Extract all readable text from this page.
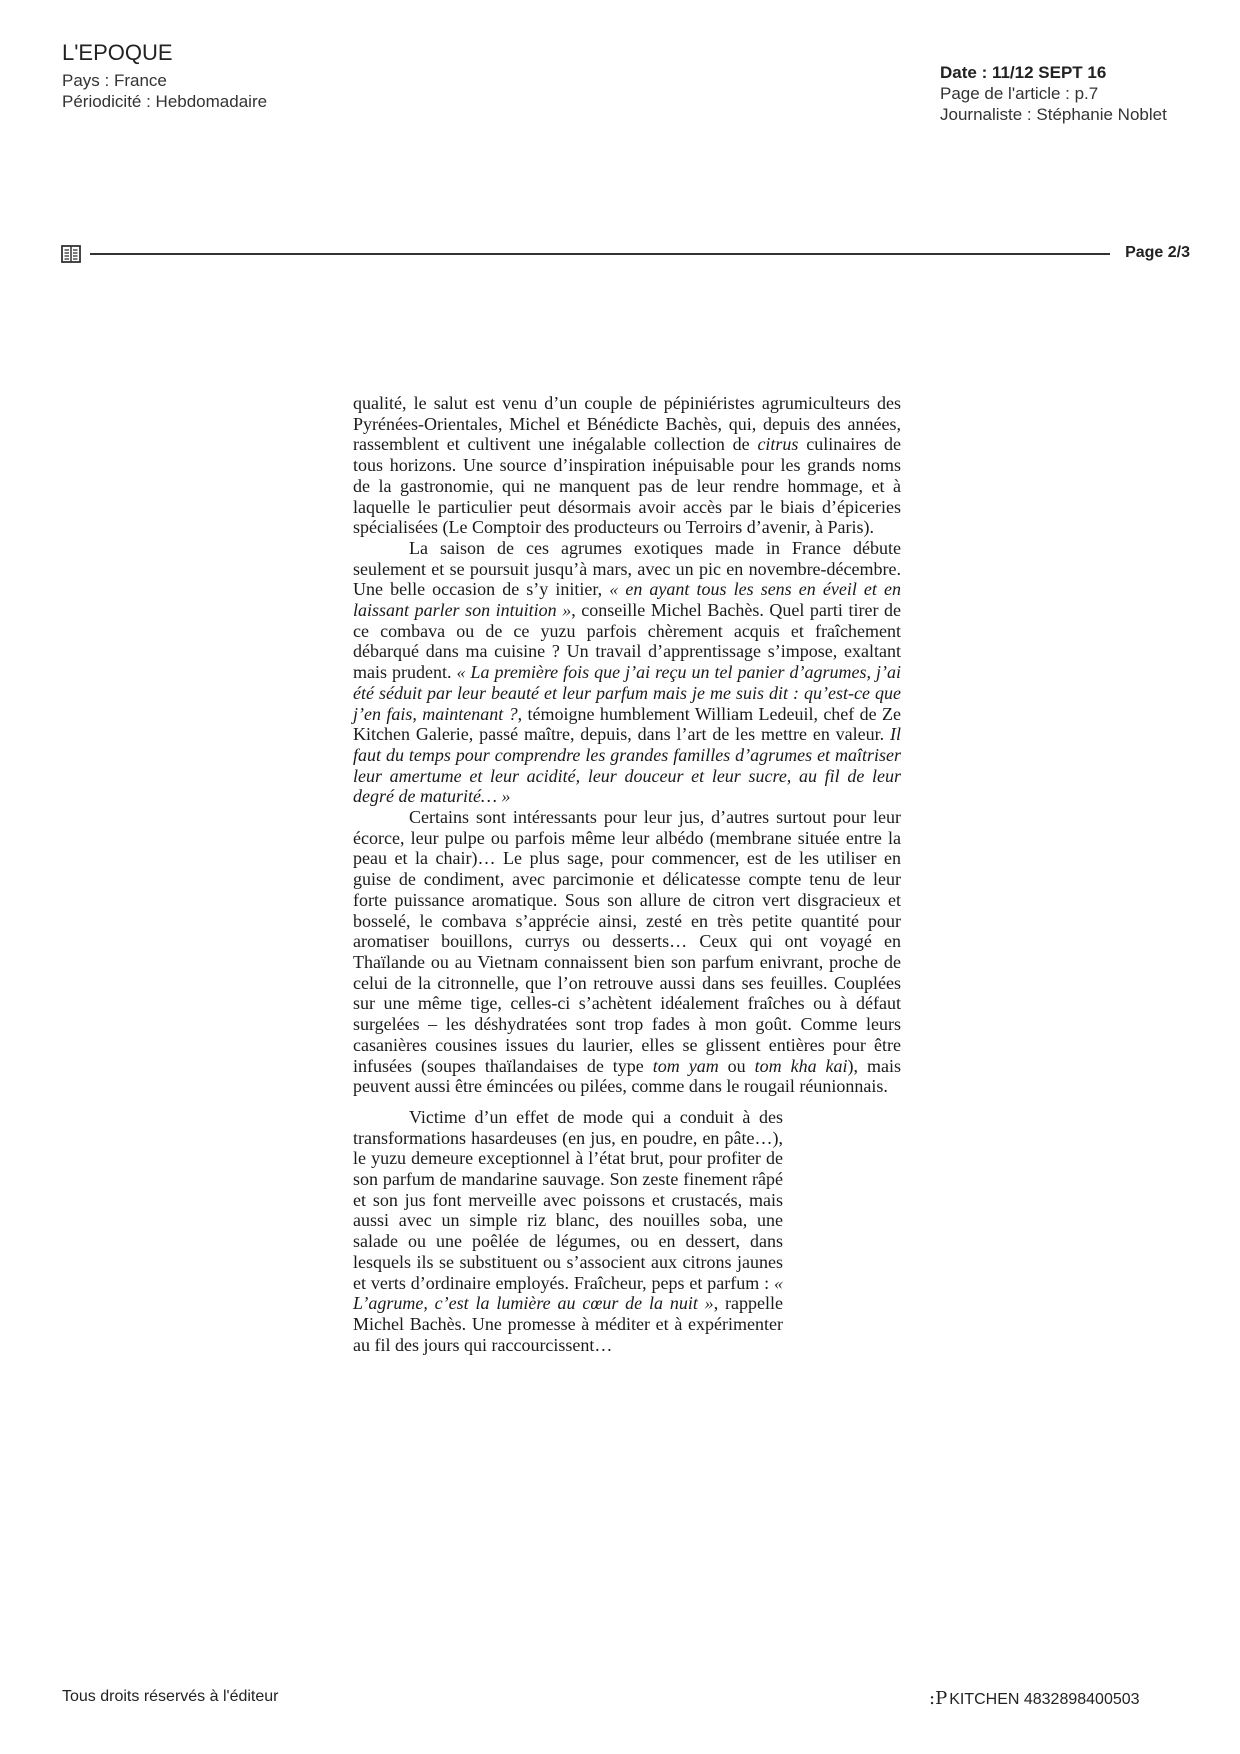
L'EPOQUE
Pays : France
Périodicité : Hebdomadaire
Date : 11/12 SEPT 16
Page de l'article : p.7
Journaliste : Stéphanie Noblet
Page 2/3

qualité, le salut est venu d’un couple de pépiniéristes agrumiculteurs des Pyrénées-Orientales, Michel et Bénédicte Bachès, qui, depuis des années, rassemblent et cultivent une inégalable collection de citrus culinaires de tous horizons. Une source d’inspiration inépuisable pour les grands noms de la gastronomie, qui ne manquent pas de leur rendre hommage, et à laquelle le particulier peut désormais avoir accès par le biais d’épiceries spécialisées (Le Comptoir des producteurs ou Terroirs d’avenir, à Paris).

La saison de ces agrumes exotiques made in France débute seulement et se poursuit jusqu’à mars, avec un pic en novembre-décembre. Une belle occasion de s’y initier, « en ayant tous les sens en éveil et en laissant parler son intuition », conseille Michel Bachès. Quel parti tirer de ce combava ou de ce yuzu parfois chèrement acquis et fraîchement débarqué dans ma cuisine ? Un travail d’apprentissage s’impose, exaltant mais prudent. « La première fois que j’ai reçu un tel panier d’agrumes, j’ai été séduit par leur beauté et leur parfum mais je me suis dit : qu’est-ce que j’en fais, maintenant ?, témoigne humblement William Ledeuil, chef de Ze Kitchen Galerie, passé maître, depuis, dans l’art de les mettre en valeur. Il faut du temps pour comprendre les grandes familles d’agrumes et maîtriser leur amertume et leur acidité, leur douceur et leur sucre, au fil de leur degré de maturité… »

Certains sont intéressants pour leur jus, d’autres surtout pour leur écorce, leur pulpe ou parfois même leur albédo (membrane située entre la peau et la chair)… Le plus sage, pour commencer, est de les utiliser en guise de condiment, avec parcimonie et délicatesse compte tenu de leur forte puissance aromatique. Sous son allure de citron vert disgracieux et bosselé, le combava s’apprécie ainsi, zesté en très petite quantité pour aromatiser bouillons, currys ou desserts… Ceux qui ont voyagé en Thaïlande ou au Vietnam connaissent bien son parfum enivrant, proche de celui de la citronnelle, que l’on retrouve aussi dans ses feuilles. Couplées sur une même tige, celles-ci s’achètent idéalement fraîches ou à défaut surgelées – les déshydratées sont trop fades à mon goût. Comme leurs casanières cousines issues du laurier, elles se glissent entières pour être infusées (soupes thaïlandaises de type tom yam ou tom kha kai), mais peuvent aussi être émincées ou pilées, comme dans le rougail réunionnais.

Victime d’un effet de mode qui a conduit à des transformations hasardeuses (en jus, en poudre, en pâte…), le yuzu demeure exceptionnel à l’état brut, pour profiter de son parfum de mandarine sauvage. Son zeste finement râpé et son jus font merveille avec poissons et crustacés, mais aussi avec un simple riz blanc, des nouilles soba, une salade ou une poêlée de légumes, ou en dessert, dans lesquels ils se substituent ou s’associent aux citrons jaunes et verts d’ordinaire employés. Fraîcheur, peps et parfum : « L’agrume, c’est la lumière au cœur de la nuit », rappelle Michel Bachès. Une promesse à méditer et à expérimenter au fil des jours qui raccourcissent…

Tous droits réservés à l'éditeur	:P KITCHEN 4832898400503
